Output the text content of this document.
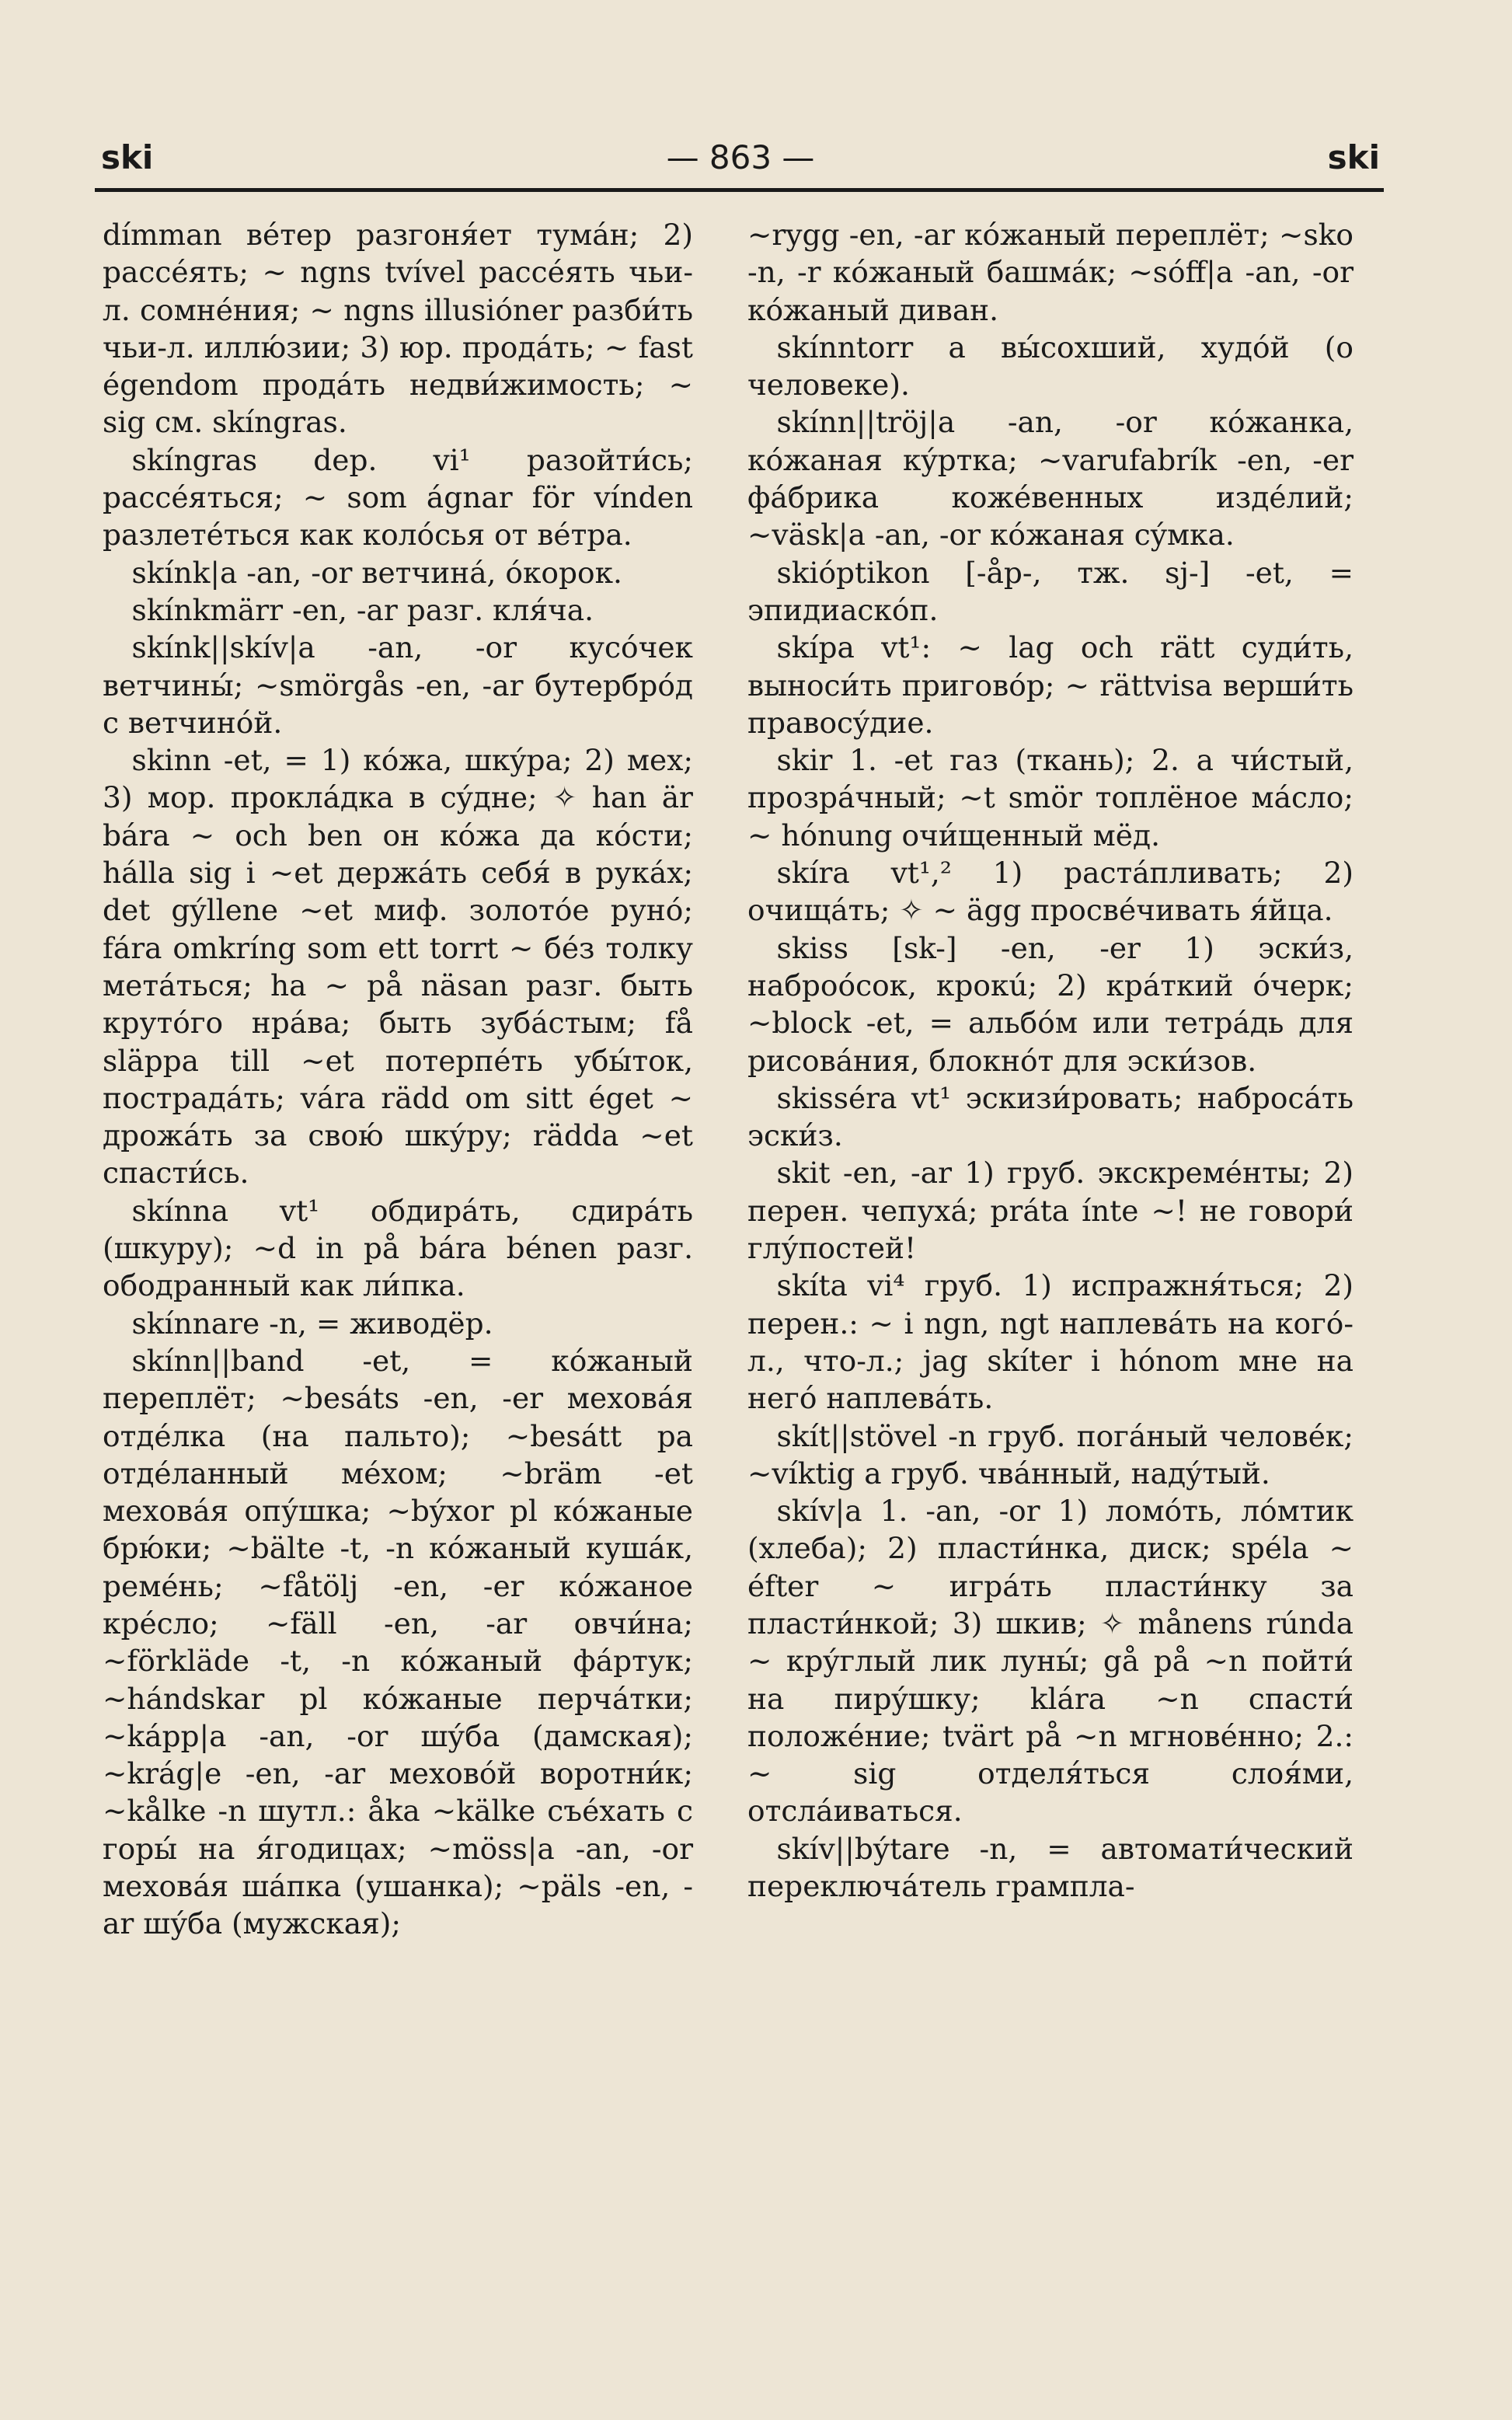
ski	— 863 —	ski

dímman вéтер разгоня́ет тумáн; 2) рассéять; ~ ngns tvível рассéять чьи-л. сомнéния; ~ ngns illusióner разби́ть чьи-л. иллю́зии; 3) юр. продáть; ~ fast égendom продáть недви́жимость; ~ sig см. skíngras.

skíngras dep. vi¹ разойти́сь; рассéяться; ~ som ágnar för vínden разлетéться как колóсья от вéтра.

skínk|a -an, -or ветчинá, óкорок.

skínkmärr -en, -ar разг. кля́ча.

skínk||skív|a -an, -or кусóчек ветчины́; ~smörgås -en, -ar бутербрóд с ветчинóй.

skinn -et, = 1) кóжа, шкýра; 2) мех; 3) мор. проклáдка в сýдне; ✧ han är bára ~ och ben он кóжа да кóсти; hálla sig i ~et держáть себя́ в рукáх; det gýllene ~et миф. золотóе рунó; fára omkríng som ett torrt ~ бéз толку метáться; ha ~ på näsan разг. быть крутóго нрáва; быть зубáстым; få släppa till ~et потерпéть убы́ток, пострадáть; vára rädd om sitt éget ~ дрожáть за свою́ шкýру; rädda ~et спасти́сь.

skínna vt¹ обдирáть, сдирáть (шкуру); ~d in på bára bénen разг. ободранный как ли́пка.

skínnare -n, = живодёр.

skínn||band -et, = кóжаный переплёт; ~besáts -en, -er меховáя отдéлка (на пальто); ~besátt pa отдéланный мéхом; ~bräm -et меховáя опу́шка; ~býxor pl кóжаные брю́ки; ~bälte -t, -n кóжаный кушáк, ремéнь; ~fåtölj -en, -er кóжаное крéсло; ~fäll -en, -ar овчи́на; ~förkläde -t, -n кóжаный фáртук; ~hándskar pl кóжаные перчáтки; ~kápp|a -an, -or шу́ба (дамская); ~krág|e -en, -ar меховóй воротни́к; ~kålke -n шутл.: åka ~kälke съéхать с горы́ на я́годицах; ~möss|a -an, -or меховáя шáпка (ушанка); ~päls -en, -ar шу́ба (мужская);

~rygg -en, -ar кóжаный переплёт; ~sko -n, -r кóжаный башмáк; ~sóff|a -an, -or кóжаный диван.

skínntorr a вы́сохший, худóй (о человеке).

skínn||tröj|a -an, -or кóжанка, кóжаная кýртка; ~varufabrík -en, -er фáбрика кожéвенных издéлий; ~väsk|a -an, -or кóжаная сýмка.

skióptikon [-åp-, тж. sj-] -et, = эпидиаскóп.

skípa vt¹: ~ lag och rätt суди́ть, выноси́ть приговóр; ~ rättvisa верши́ть правосýдие.

skir 1. -et газ (ткань); 2. a чи́стый, прозрáчный; ~t smör топлёное мáсло; ~ hónung очи́щенный мёд.

skíra vt¹,² 1) растáпливать; 2) очищáть; ✧ ~ ägg просвéчивать я́йца.

skiss [sk-] -en, -er 1) эски́з, наброóсок, крокú; 2) крáткий óчерк; ~block -et, = альбóм или тетрáдь для рисовáния, блокнóт для эски́зов.

skisséra vt¹ эскизи́ровать; набросáть эски́з.

skit -en, -ar 1) груб. экскремéнты; 2) перен. чепухá; práta ínte ~! не говори́ глу́постей!

skíta vi⁴ груб. 1) испражня́ться; 2) перен.: ~ i ngn, ngt наплевáть на когó-л., что-л.; jag skíter i hónom мне на негó наплевáть.

skít||stövel -n груб. погáный человéк; ~víktig a груб. чвáнный, надýтый.

skív|a 1. -an, -or 1) ломóть, лóмтик (хлеба); 2) пласти́нка, диск; spéla ~ éfter ~ игрáть пласти́нку за пласти́нкой; 3) шкив; ✧ månens rúnda ~ крýглый лик луны́; gå på ~n пойти́ на пирýшку; klára ~n спасти́ положéние; tvärt på ~n мгновéнно; 2.: ~ sig отделя́ться слоя́ми, отслáиваться.

skív||býtare -n, = автомати́ческий переключáтель грампла-
